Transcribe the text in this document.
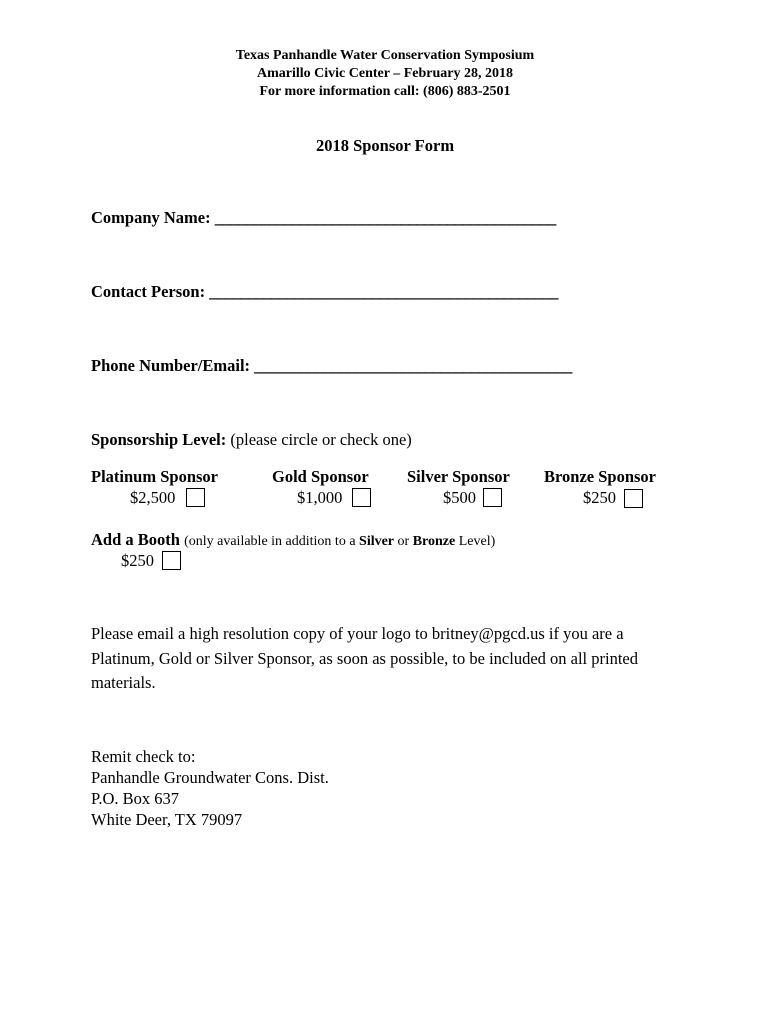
Texas Panhandle Water Conservation Symposium
Amarillo Civic Center – February 28, 2018
For more information call: (806) 883-2501
2018 Sponsor Form
Company Name: ____________________________________________
Contact Person: _____________________________________________
Phone Number/Email: _________________________________________
Sponsorship Level: (please circle or check one)
Platinum Sponsor	Gold Sponsor Silver Sponsor Bronze Sponsor
$2,500	$1,000	$500	$250
Add a Booth (only available in addition to a Silver or Bronze Level)
$250
Please email a high resolution copy of your logo to britney@pgcd.us if you are a Platinum, Gold or Silver Sponsor, as soon as possible, to be included on all printed materials.
Remit check to:
Panhandle Groundwater Cons. Dist.
P.O. Box 637
White Deer, TX 79097
